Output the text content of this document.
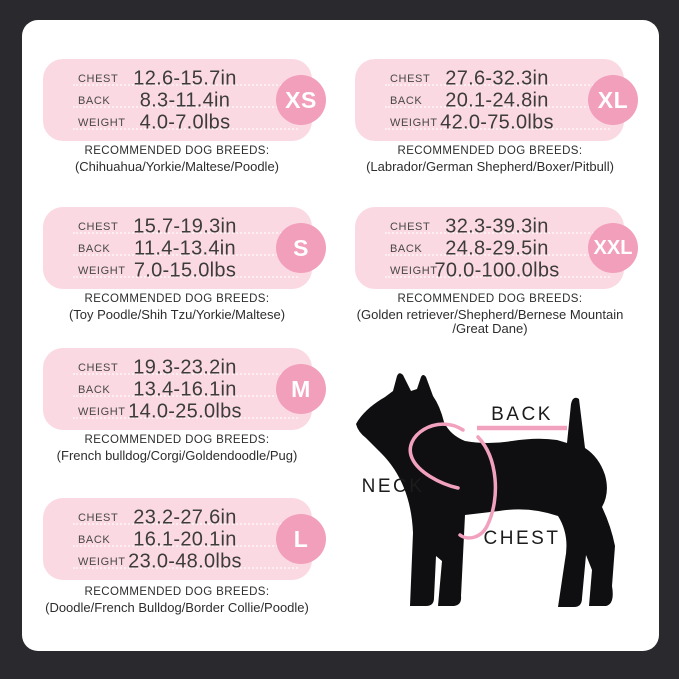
CHEST 12.6-15.7in
BACK	8.3-11.4in
WEIGHT 4.0-7.0lbs
XS
RECOMMENDED DOG BREEDS:
(Chihuahua/Yorkie/Maltese/Poodle)
CHEST 15.7-19.3in
BACK	11.4-13.4in
WEIGHT 7.0-15.0lbs
S
RECOMMENDED DOG BREEDS:
(Toy Poodle/Shih Tzu/Yorkie/Maltese)
CHEST 19.3-23.2in
BACK	13.4-16.1in
WEIGHT 14.0-25.0lbs
M
RECOMMENDED DOG BREEDS:
(French bulldog/Corgi/Goldendoodle/Pug)
CHEST 23.2-27.6in
BACK	16.1-20.1in
WEIGHT 23.0-48.0lbs
L
RECOMMENDED DOG BREEDS:
(Doodle/French Bulldog/Border Collie/Poodle)
CHEST 27.6-32.3in
BACK	20.1-24.8in
WEIGHT 42.0-75.0lbs
XL
RECOMMENDED DOG BREEDS:
(Labrador/German Shepherd/Boxer/Pitbull)
CHEST 32.3-39.3in
BACK	24.8-29.5in
WEIGHT
70.0-100.0lbs
XXL
RECOMMENDED DOG BREEDS:
(Golden retriever/Shepherd/Bernese Mountain
/Great Dane)
BACK
NECK
CHEST
